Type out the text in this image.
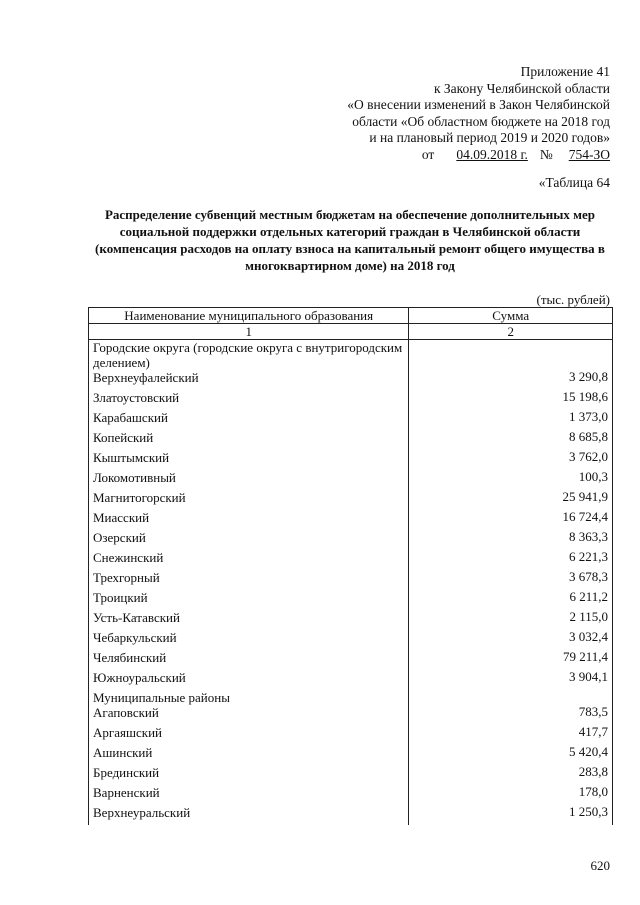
Приложение 41
к Закону Челябинской области
«О внесении изменений в Закон Челябинской
области «Об областном бюджете на 2018 год
и на плановый период 2019 и 2020 годов»
от 04.09.2018 г. № 754-ЗО
«Таблица 64
Распределение субвенций местным бюджетам на обеспечение дополнительных мер социальной поддержки отдельных категорий граждан в Челябинской области (компенсация расходов на оплату взноса на капитальный ремонт общего имущества в многоквартирном доме) на 2018 год
(тыс. рублей)
Наименование муниципального образования	Сумма
1	2
Городские округа (городские округа с внутригородским делением)	
Верхнеуфалейский	3 290,8
Златоустовский	15 198,6
Карабашский	1 373,0
Копейский	8 685,8
Кыштымский	3 762,0
Локомотивный	100,3
Магнитогорский	25 941,9
Миасский	16 724,4
Озерский	8 363,3
Снежинский	6 221,3
Трехгорный	3 678,3
Троицкий	6 211,2
Усть-Катавский	2 115,0
Чебаркульский	3 032,4
Челябинский	79 211,4
Южноуральский	3 904,1
Муниципальные районы	
Агаповский	783,5
Аргаяшский	417,7
Ашинский	5 420,4
Брединский	283,8
Варненский	178,0
Верхнеуральский	1 250,3
620
